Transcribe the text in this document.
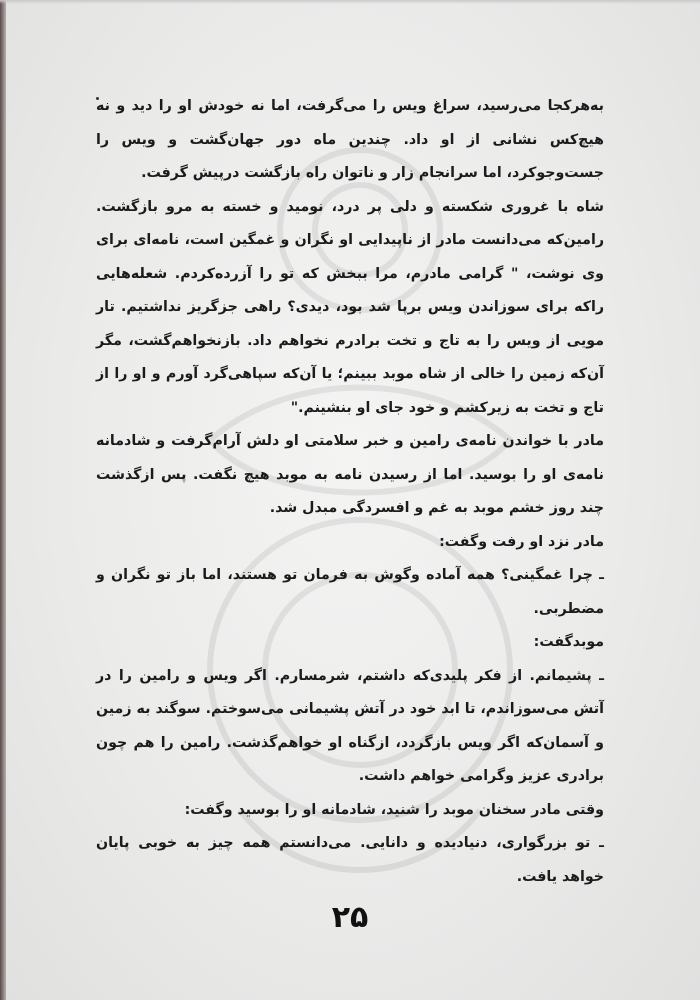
به‌هرکجا می‌رسید، سراغ ویس را می‌گرفت، اما نه خودش او را دید و نه هیچ‌کس نشانی از او داد. چندین ماه دور جهان‌گشت و ویس را جست‌وجو‌کرد، اما سرانجام زار و ناتوان راه بازگشت در‌پیش گرفت.

شاه با غروری شکسته و دلی پر درد، نومید و خسته به مرو بازگشت. رامین‌که می‌دانست مادر از ناپیدایی او نگران و غمگین است، نامه‌ای برای وی نوشت، " گرامی مادرم، مرا ببخش‌ که تو را آزرده‌کردم. شعله‌هایی راکه برای سوزاندن ویس برپا شد بود، دیدی؟ راهی جز‌گریز نداشتیم. تار مویی از ویس را به تاج و تخت برادرم نخواهم داد. بازنخواهم‌گشت، مگر آن‌که زمین را خالی از شاه موبد ببینم؛ یا آن‌که سپاهی‌گرد آورم و او را از تاج و تخت به زیرکشم و خود جای او بنشینم."

مادر با خواندن نامه‌ی رامین و خبر سلامتی او دلش آرام‌گرفت و شادمانه نامه‌ی او را بوسید. اما از رسیدن نامه به موبد هیچ نگفت. پس ازگذشت چند روز خشم موبد به غم و افسردگی مبدل شد.

مادر نزد او رفت وگفت:

ـ چرا غمگینی؟ همه آماده وگوش به فرمان تو هستند، اما باز تو نگران و مضطربی.

موبدگفت:

ـ پشیمانم. از فکر پلیدی‌که داشتم، شرمسارم. اگر ویس و رامین را در آتش می‌سوزاندم، تا ابد خود در آتش پشیمانی می‌سوختم. سوگند به زمین و آسمان‌که اگر ویس بازگردد، ازگناه او خواهم‌گذشت. رامین را هم چون برادری عزیز وگرامی خواهم داشت.

وقتی مادر سخنان موبد را شنید، شادمانه او را بوسید وگفت:

ـ تو بزرگواری، دنیادیده و دانایی. می‌دانستم همه چیز به خوبی پایان خواهد یافت.

۲۵
